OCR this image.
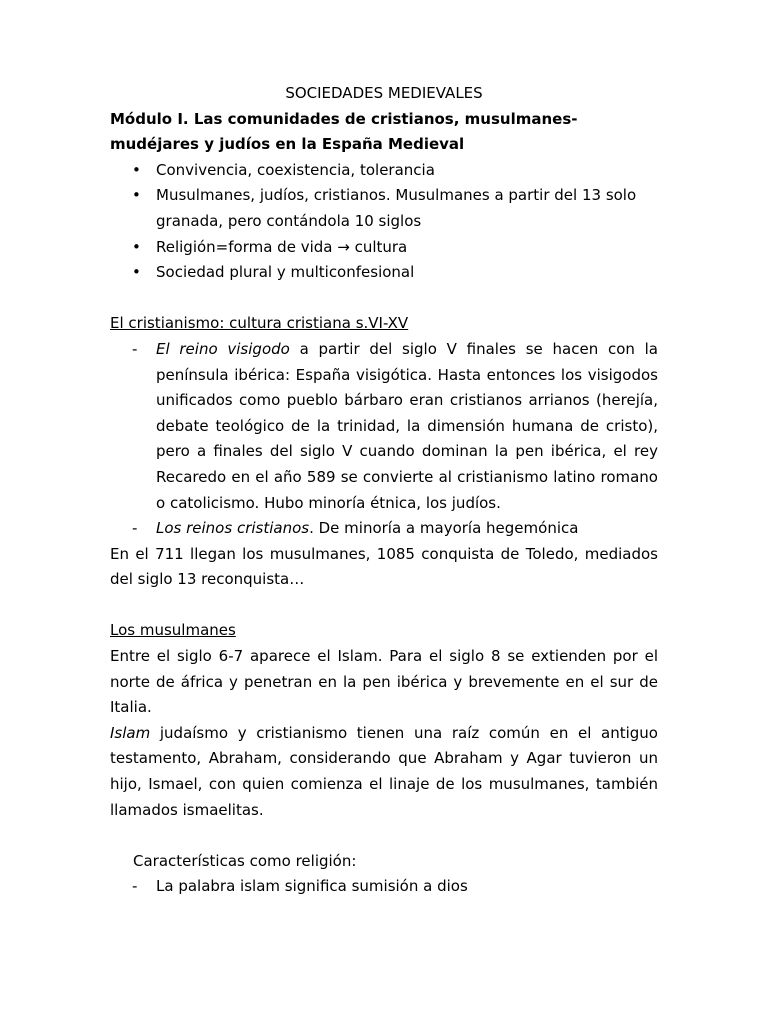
SOCIEDADES MEDIEVALES

Módulo I. Las comunidades de cristianos, musulmanes-mudéjares y judíos en la España Medieval

• Convivencia, coexistencia, tolerancia
• Musulmanes, judíos, cristianos. Musulmanes a partir del 13 solo granada, pero contándola 10 siglos
• Religión=forma de vida → cultura
• Sociedad plural y multiconfesional

El cristianismo: cultura cristiana s.VI-XV

- El reino visigodo a partir del siglo V finales se hacen con la península ibérica: España visigótica. Hasta entonces los visigodos unificados como pueblo bárbaro eran cristianos arrianos (herejía, debate teológico de la trinidad, la dimensión humana de cristo), pero a finales del siglo V cuando dominan la pen ibérica, el rey Recaredo en el año 589 se convierte al cristianismo latino romano o catolicismo. Hubo minoría étnica, los judíos.
- Los reinos cristianos. De minoría a mayoría hegemónica

En el 711 llegan los musulmanes, 1085 conquista de Toledo, mediados del siglo 13 reconquista…

Los musulmanes

Entre el siglo 6-7 aparece el Islam. Para el siglo 8 se extienden por el norte de áfrica y penetran en la pen ibérica y brevemente en el sur de Italia.

Islam judaísmo y cristianismo tienen una raíz común en el antiguo testamento, Abraham, considerando que Abraham y Agar tuvieron un hijo, Ismael, con quien comienza el linaje de los musulmanes, también llamados ismaelitas.

Características como religión:

- La palabra islam significa sumisión a dios
